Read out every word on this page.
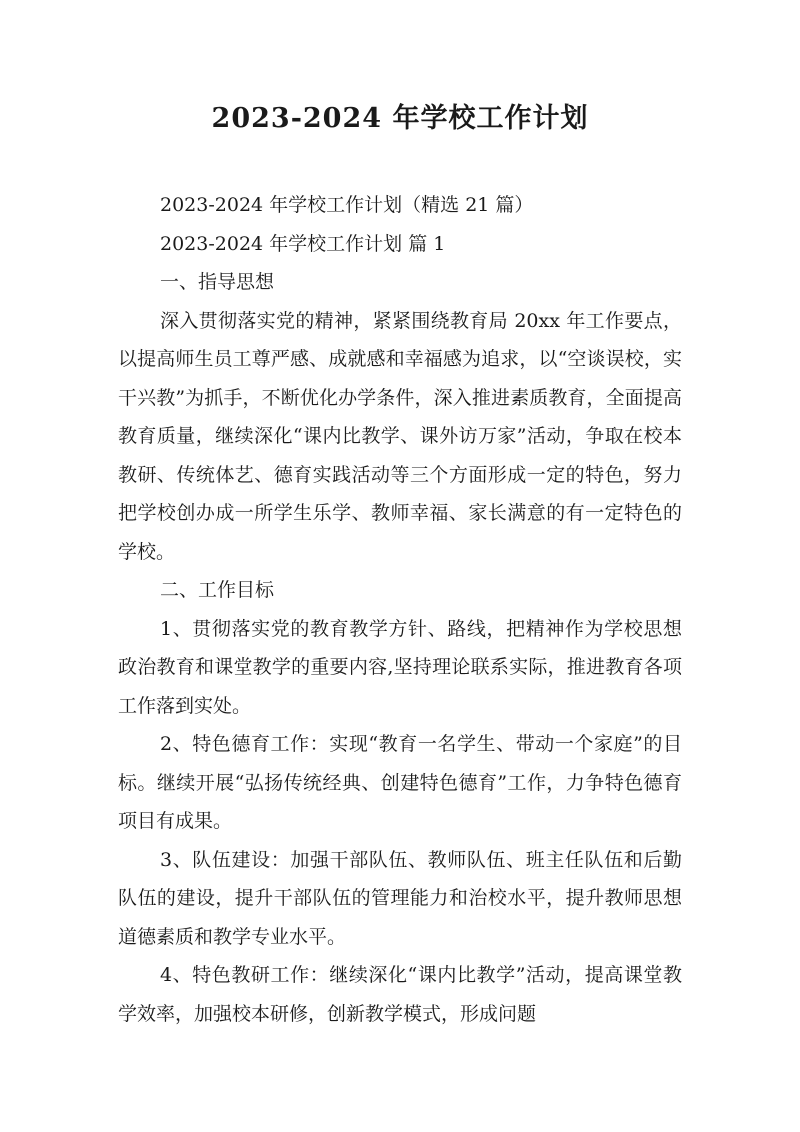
2023-2024 年学校工作计划

2023-2024 年学校工作计划（精选 21 篇）

2023-2024 年学校工作计划 篇 1

一、指导思想

深入贯彻落实党的精神，紧紧围绕教育局 20xx 年工作要点，以提高师生员工尊严感、成就感和幸福感为追求，以“空谈误校，实干兴教”为抓手，不断优化办学条件，深入推进素质教育，全面提高教育质量，继续深化“课内比教学、课外访万家”活动，争取在校本教研、传统体艺、德育实践活动等三个方面形成一定的特色，努力把学校创办成一所学生乐学、教师幸福、家长满意的有一定特色的学校。

二、工作目标

1、贯彻落实党的教育教学方针、路线，把精神作为学校思想政治教育和课堂教学的重要内容,坚持理论联系实际，推进教育各项工作落到实处。

2、特色德育工作：实现“教育一名学生、带动一个家庭”的目标。继续开展“弘扬传统经典、创建特色德育”工作，力争特色德育项目有成果。

3、队伍建设：加强干部队伍、教师队伍、班主任队伍和后勤队伍的建设，提升干部队伍的管理能力和治校水平，提升教师思想道德素质和教学专业水平。

4、特色教研工作：继续深化“课内比教学”活动，提高课堂教学效率，加强校本研修，创新教学模式，形成问题
